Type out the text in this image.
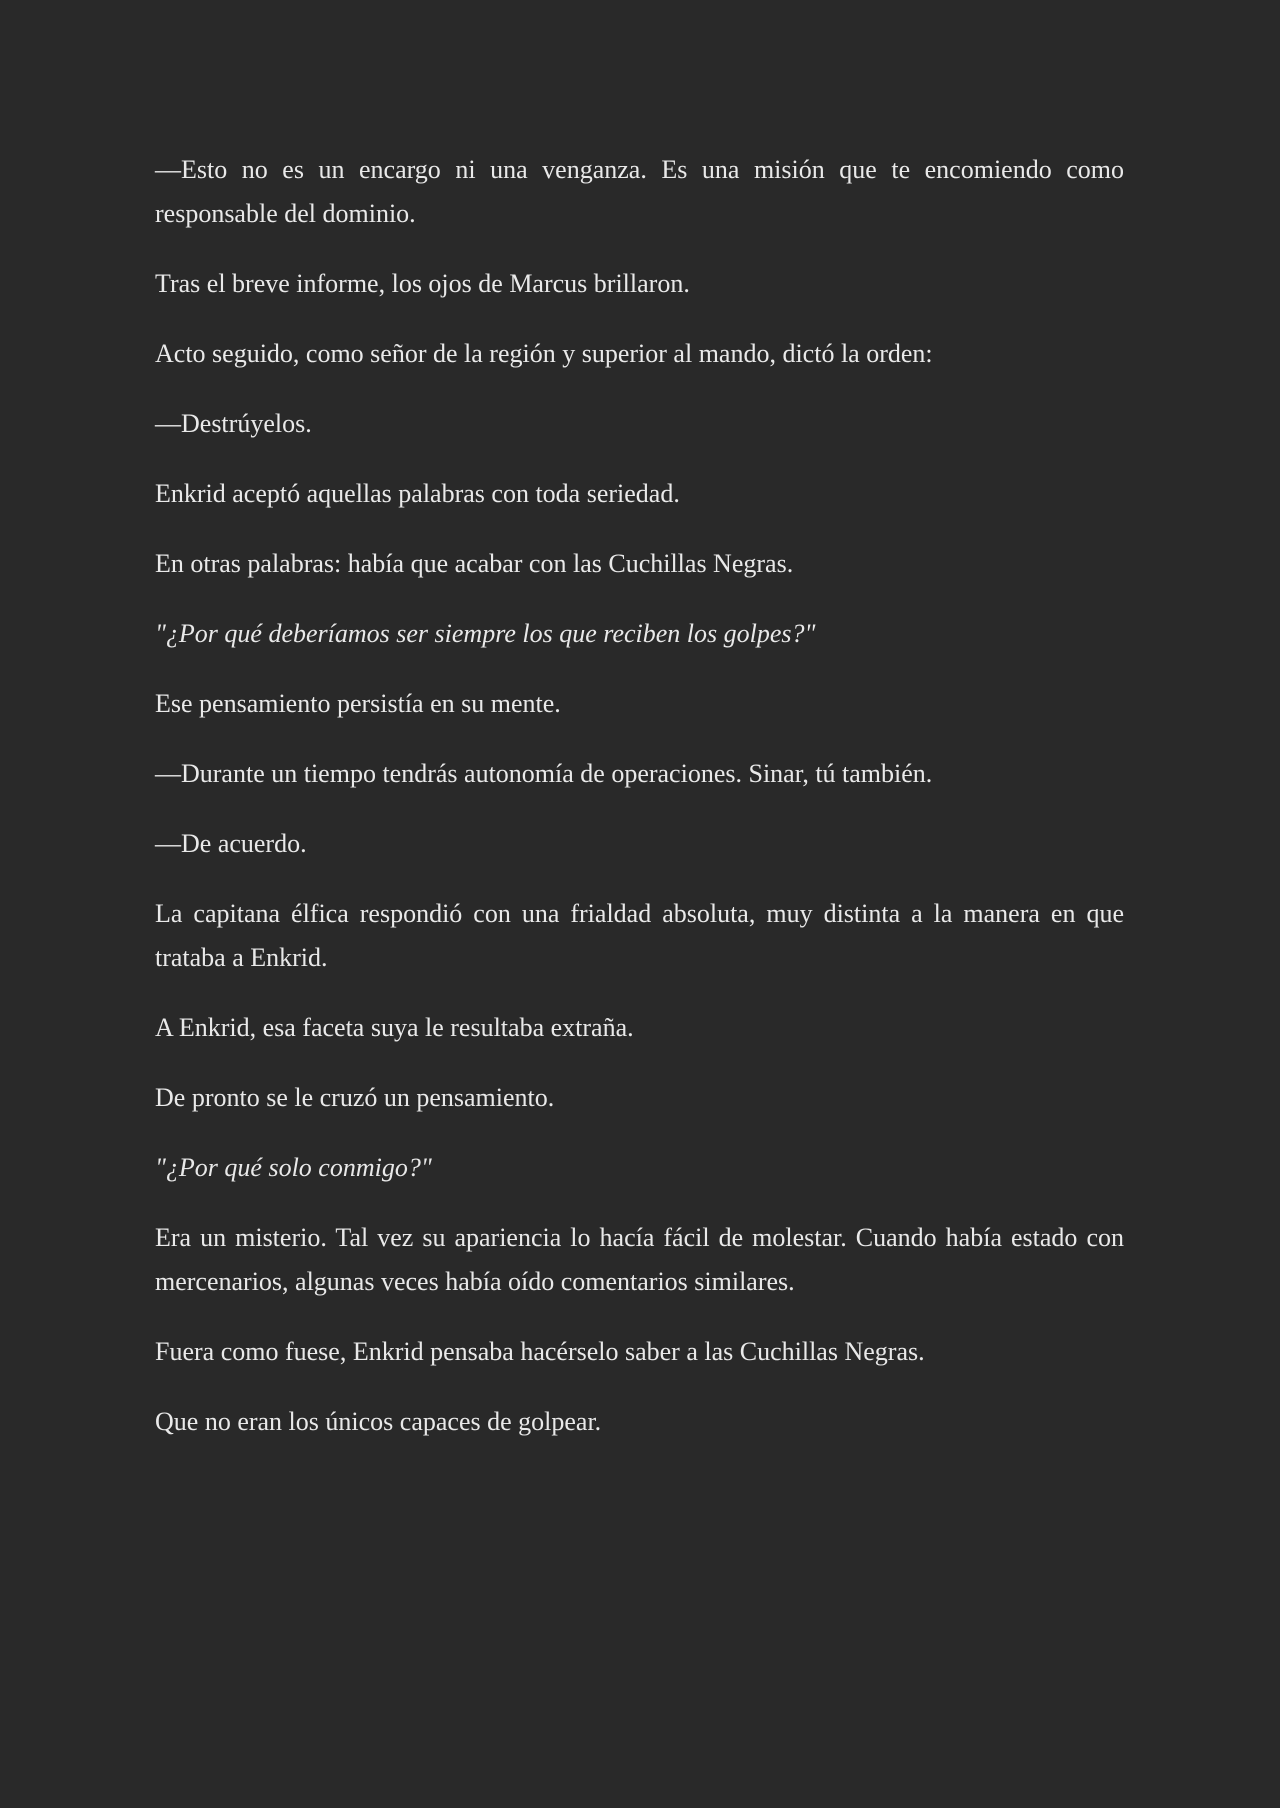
—Esto no es un encargo ni una venganza. Es una misión que te encomiendo como responsable del dominio.

Tras el breve informe, los ojos de Marcus brillaron.

Acto seguido, como señor de la región y superior al mando, dictó la orden:

—Destrúyelos.

Enkrid aceptó aquellas palabras con toda seriedad.

En otras palabras: había que acabar con las Cuchillas Negras.

"¿Por qué deberíamos ser siempre los que reciben los golpes?"

Ese pensamiento persistía en su mente.

—Durante un tiempo tendrás autonomía de operaciones. Sinar, tú también.

—De acuerdo.

La capitana élfica respondió con una frialdad absoluta, muy distinta a la manera en que trataba a Enkrid.

A Enkrid, esa faceta suya le resultaba extraña.

De pronto se le cruzó un pensamiento.

"¿Por qué solo conmigo?"

Era un misterio. Tal vez su apariencia lo hacía fácil de molestar. Cuando había estado con mercenarios, algunas veces había oído comentarios similares.

Fuera como fuese, Enkrid pensaba hacérselo saber a las Cuchillas Negras.

Que no eran los únicos capaces de golpear.
